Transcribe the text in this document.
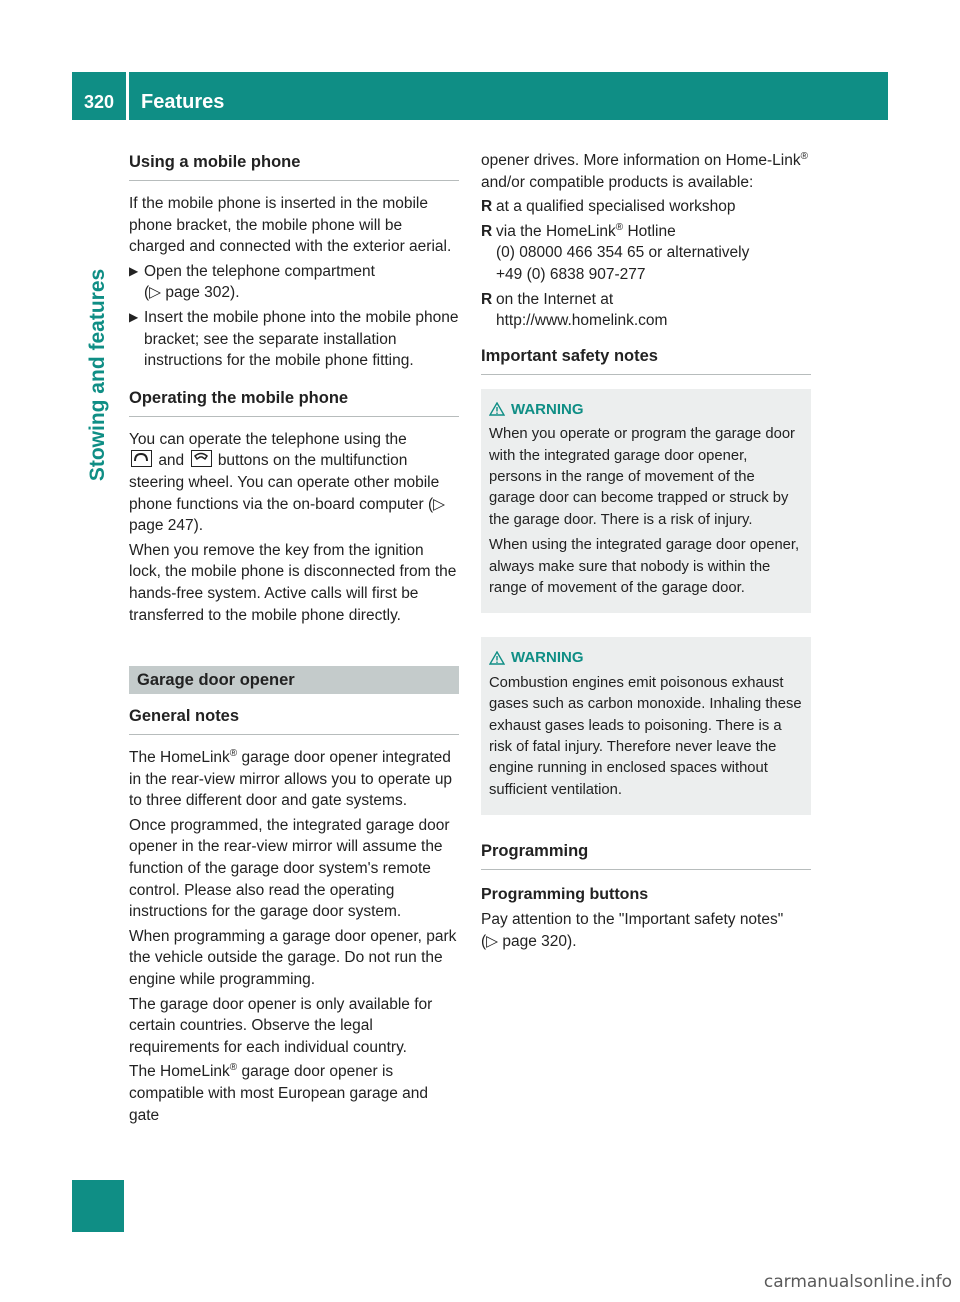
320	Features
Stowing and features
Using a mobile phone

If the mobile phone is inserted in the mobile phone bracket, the mobile phone will be charged and connected with the exterior aerial.

▶ Open the telephone compartment
(▷ page 302).
▶ Insert the mobile phone into the mobile phone bracket; see the separate installation instructions for the mobile phone fitting.
Operating the mobile phone

You can operate the telephone using the

and buttons on the multifunction steering wheel. You can operate other mobile phone functions via the on-board computer (▷ page 247).

When you remove the key from the ignition lock, the mobile phone is disconnected from the hands-free system. Active calls will first be transferred to the mobile phone directly.

Garage door opener
General notes

The HomeLink® garage door opener integrated in the rear-view mirror allows you to operate up to three different door and gate systems.

Once programmed, the integrated garage door opener in the rear-view mirror will assume the function of the garage door system's remote control. Please also read the operating instructions for the garage door system.

When programming a garage door opener, park the vehicle outside the garage. Do not run the engine while programming.

The garage door opener is only available for certain countries. Observe the legal requirements for each individual country.

The HomeLink® garage door opener is compatible with most European garage and gate

opener drives. More information on Home-Link® and/or compatible products is available:

R at a qualified specialised workshop
R via the HomeLink® Hotline
(0) 08000 466 354 65 or alternatively
+49 (0) 6838 907-277
R on the Internet at
http://www.homelink.com
Important safety notes
WARNING

When you operate or program the garage door with the integrated garage door opener, persons in the range of movement of the garage door can become trapped or struck by the garage door. There is a risk of injury.

When using the integrated garage door opener, always make sure that nobody is within the range of movement of the garage door.

WARNING

Combustion engines emit poisonous exhaust gases such as carbon monoxide. Inhaling these exhaust gases leads to poisoning. There is a risk of fatal injury. Therefore never leave the engine running in enclosed spaces without sufficient ventilation.

Programming
Programming buttons

Pay attention to the "Important safety notes"
(▷ page 320).

carmanualsonline.info
